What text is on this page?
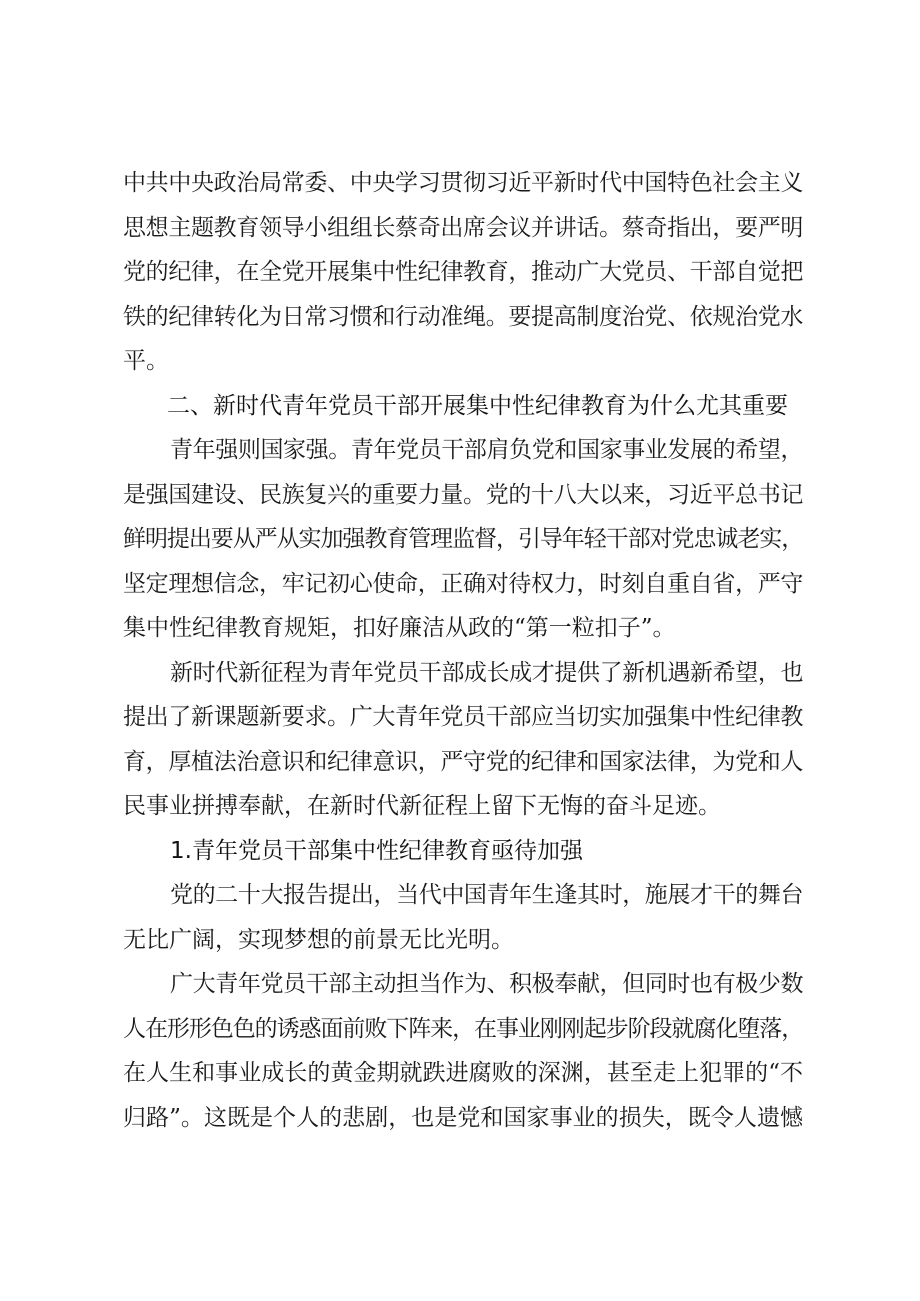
中共中央政治局常委、中央学习贯彻习近平新时代中国特色社会主义
思想主题教育领导小组组长蔡奇出席会议并讲话。蔡奇指出，要严明
党的纪律，在全党开展集中性纪律教育，推动广大党员、干部自觉把
铁的纪律转化为日常习惯和行动准绳。要提高制度治党、依规治党水
平。
二、新时代青年党员干部开展集中性纪律教育为什么尤其重要
青年强则国家强。青年党员干部肩负党和国家事业发展的希望，
是强国建设、民族复兴的重要力量。党的十八大以来，习近平总书记
鲜明提出要从严从实加强教育管理监督，引导年轻干部对党忠诚老实，
坚定理想信念，牢记初心使命，正确对待权力，时刻自重自省，严守
集中性纪律教育规矩，扣好廉洁从政的“第一粒扣子”。
新时代新征程为青年党员干部成长成才提供了新机遇新希望，也
提出了新课题新要求。广大青年党员干部应当切实加强集中性纪律教
育，厚植法治意识和纪律意识，严守党的纪律和国家法律，为党和人
民事业拼搏奉献，在新时代新征程上留下无悔的奋斗足迹。
1.青年党员干部集中性纪律教育亟待加强
党的二十大报告提出，当代中国青年生逢其时，施展才干的舞台
无比广阔，实现梦想的前景无比光明。
广大青年党员干部主动担当作为、积极奉献，但同时也有极少数
人在形形色色的诱惑面前败下阵来，在事业刚刚起步阶段就腐化堕落，
在人生和事业成长的黄金期就跌进腐败的深渊，甚至走上犯罪的“不
归路”。这既是个人的悲剧，也是党和国家事业的损失，既令人遗憾
